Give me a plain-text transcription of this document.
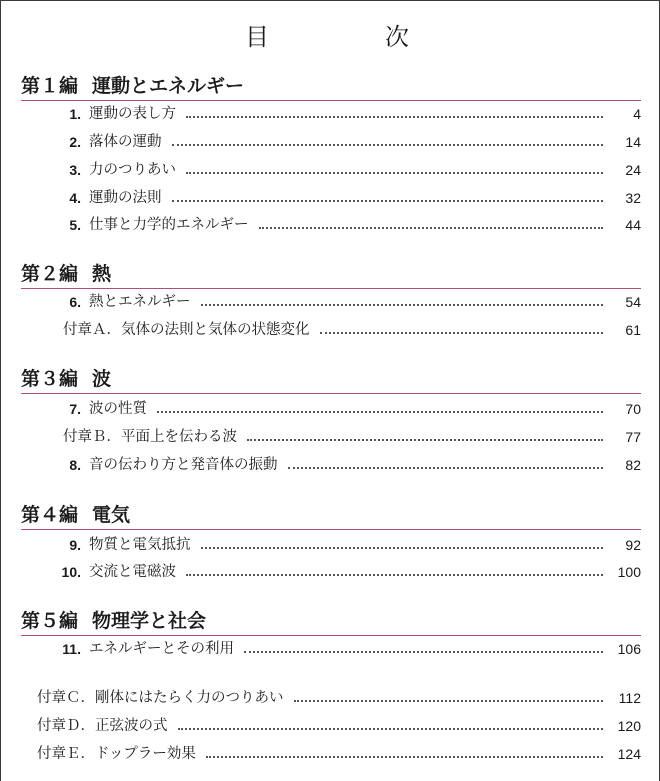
目	次
第１編 運動とエネルギー
1. 運動の表し方	4
2. 落体の運動	14
3. 力のつりあい	24
4. 運動の法則	32
5. 仕事と力学的エネルギー	44
第２編 熱
6. 熱とエネルギー	54
付章Ａ．気体の法則と気体の状態変化	61
第３編 波
7. 波の性質	70
付章Ｂ．平面上を伝わる波	77
8. 音の伝わり方と発音体の振動	82
第４編 電気
9. 物質と電気抵抗	92
10. 交流と電磁波	100
第５編 物理学と社会
11. エネルギーとその利用	106
付章Ｃ．剛体にはたらく力のつりあい	112
付章Ｄ．正弦波の式	120
付章Ｅ．ドップラー効果	124
